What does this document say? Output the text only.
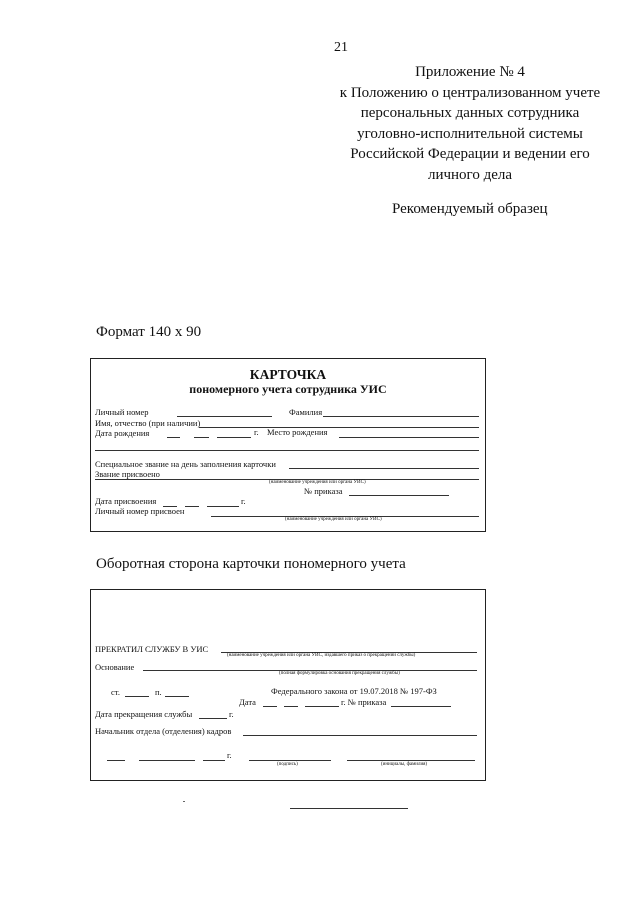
21
Приложение № 4
к Положению о централизованном учете
персональных данных сотрудника
уголовно-исполнительной системы
Российской Федерации и ведении его
личного дела
Рекомендуемый образец
Формат 140 х 90
КАРТОЧКА
пономерного учета сотрудника УИС
Личный номер	Фамилия
Имя, отчество (при наличии)
Дата рождения	г. Место рождения
Специальное звание на день заполнения карточки
Звание присвоено
(наименование учреждения или органа УИС)
№ приказа
Дата присвоения	г.
Личный номер присвоен
(наименование учреждения или органа УИС)
Оборотная сторона карточки пономерного учета
ПРЕКРАТИЛ СЛУЖБУ В УИС
(наименование учреждения или органа УИС, издавшего приказ о прекращении службы)
Основание
(полная формулировка основания прекращения службы)
ст.	п.	Федерального закона от 19.07.2018 № 197-ФЗ
Дата	г. № приказа
Дата прекращения службы	г.
Начальник отдела (отделения) кадров
г.
(подпись)	(инициалы, фамилия)
